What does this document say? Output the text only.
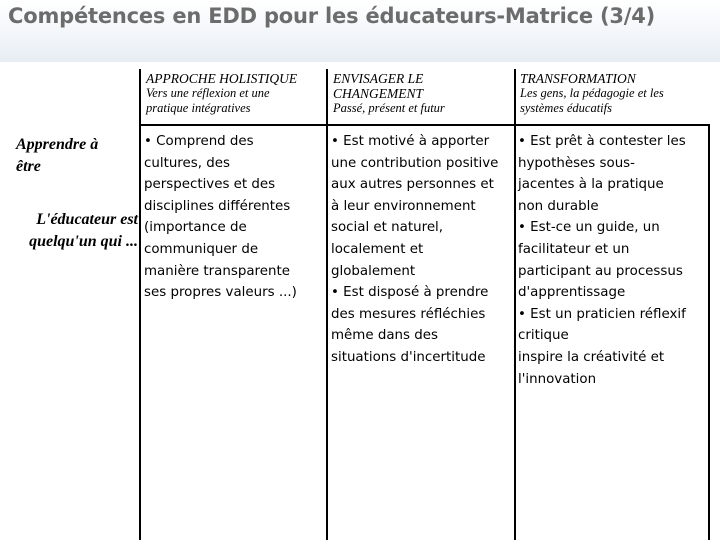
Compétences en EDD pour les éducateurs-Matrice (3/4)
APPROCHE HOLISTIQUE
Vers une réflexion et une
pratique intégratives
ENVISAGER LE
CHANGEMENT
Passé, présent et futur
TRANSFORMATION
Les gens, la pédagogie et les
systèmes éducatifs
Apprendre à
être
L'éducateur est
quelqu'un qui ...
• Comprend des
cultures, des
perspectives et des
disciplines différentes
(importance de
communiquer de
manière transparente
ses propres valeurs ...)
• Est motivé à apporter
une contribution positive
aux autres personnes et
à leur environnement
social et naturel,
localement et
globalement
• Est disposé à prendre
des mesures réfléchies
même dans des
situations d'incertitude
• Est prêt à contester les
hypothèses sous-
jacentes à la pratique
non durable
• Est-ce un guide, un
facilitateur et un
participant au processus
d'apprentissage
• Est un praticien réflexif
critique
inspire la créativité et
l'innovation
